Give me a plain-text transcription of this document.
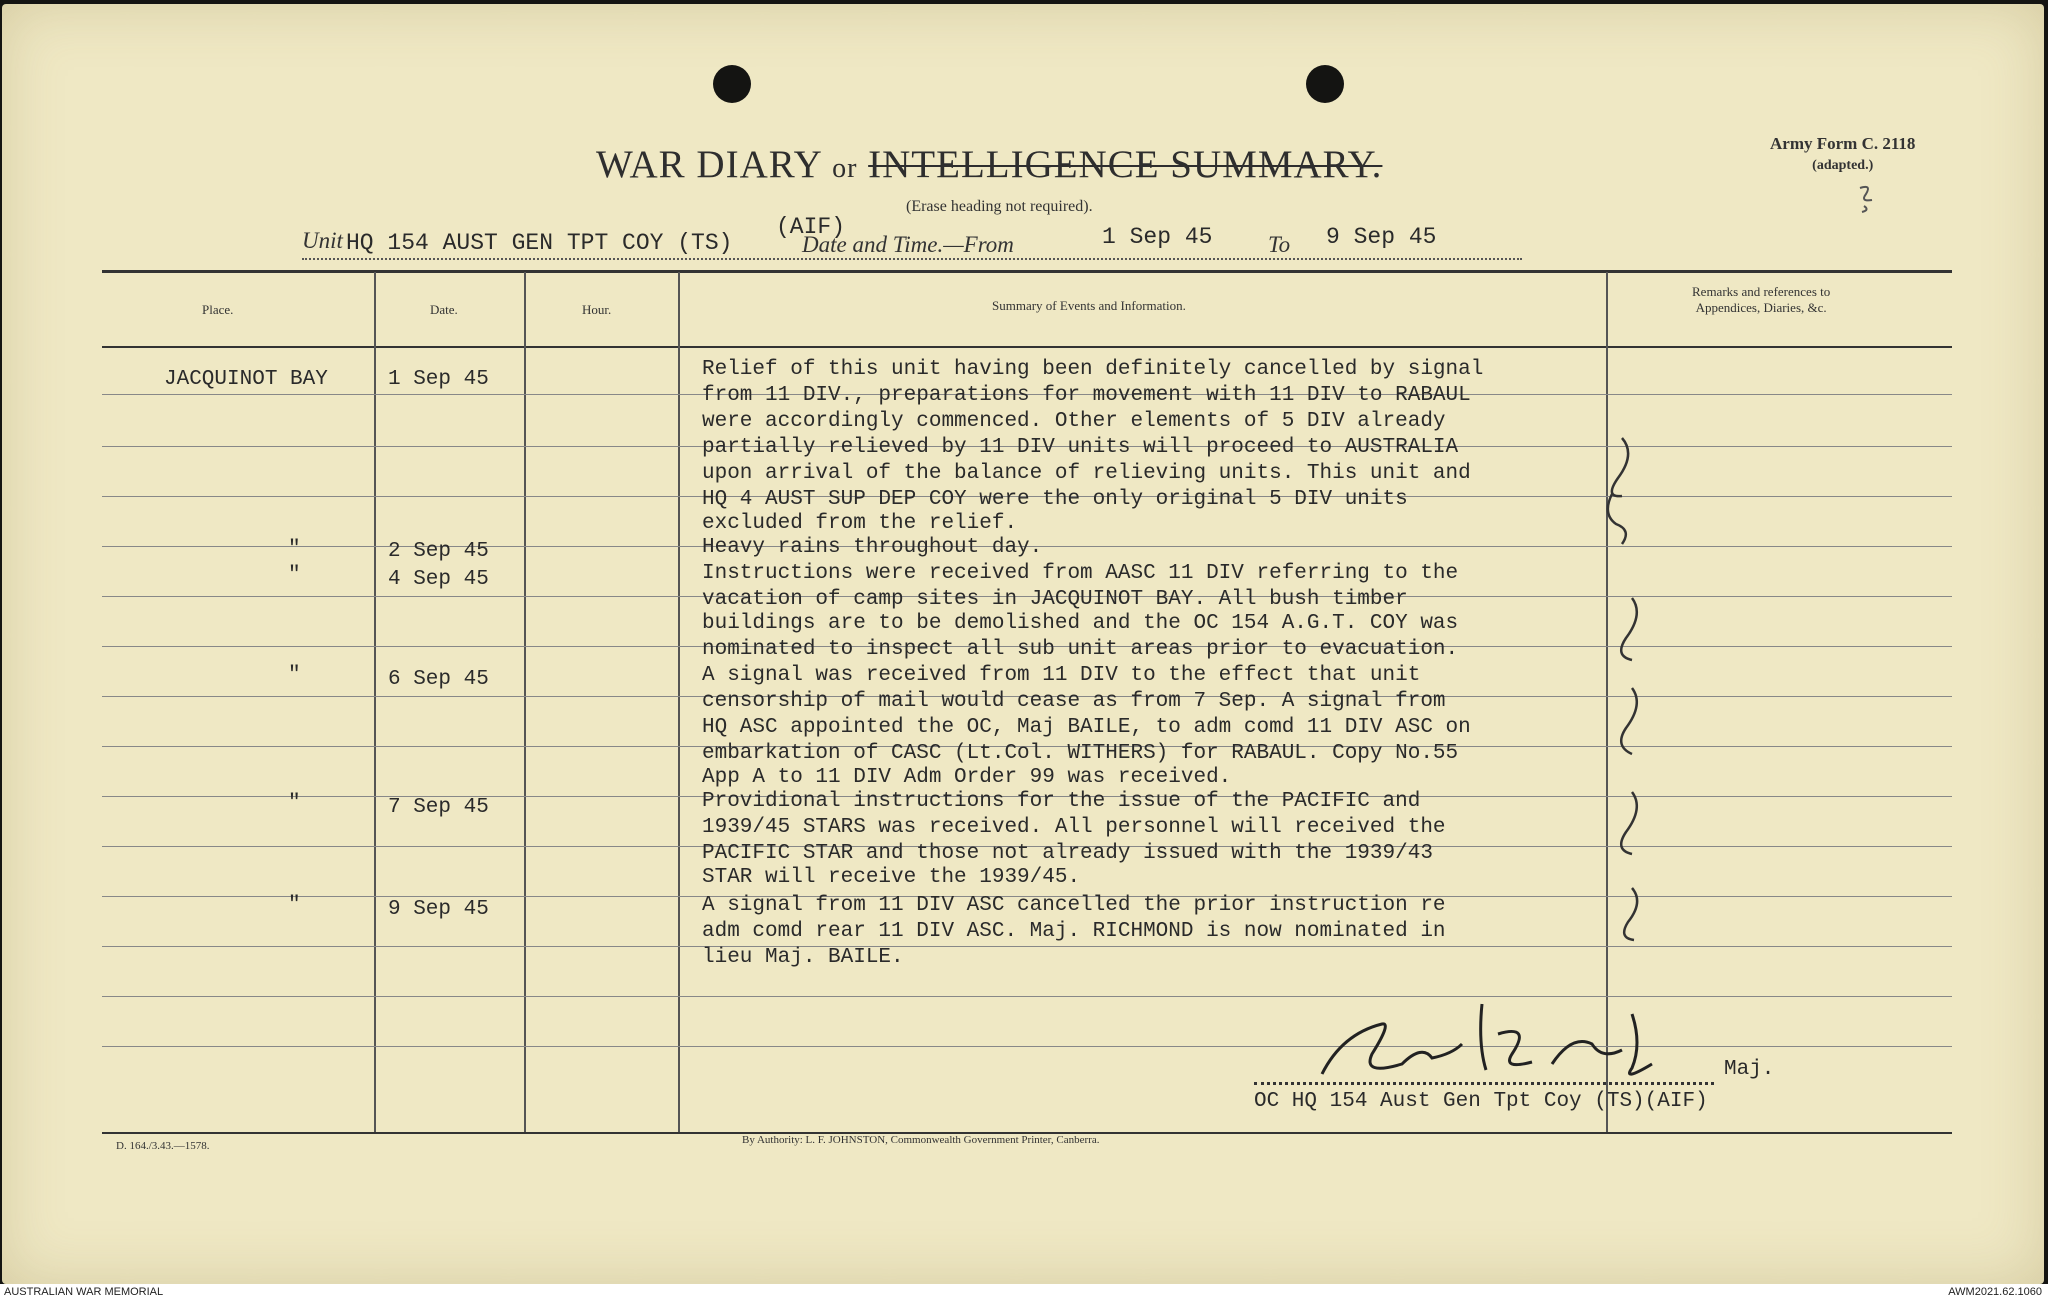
WAR DIARY or INTELLIGENCE SUMMARY.
(Erase heading not required).
Army Form C. 2118
(adapted.)
Unit HQ 154 AUST GEN TPT COY (TS)
(AIF)
Date and Time.—From	1 Sep 45 To 9 Sep 45
Place.	Date.	Hour.	Summary of Events and Information.
Remarks and references to
Appendices, Diaries, &c.
JACQUINOT BAY	1 Sep 45	Relief of this unit having been definitely cancelled by signal
from 11 DIV., preparations for movement with 11 DIV to RABAUL
were accordingly commenced. Other elements of 5 DIV already
partially relieved by 11 DIV units will proceed to AUSTRALIA
upon arrival of the balance of relieving units. This unit and
HQ 4 AUST SUP DEP COY were the only original 5 DIV units
excluded from the relief.
"	2 Sep 45	Heavy rains throughout day.
"	4 Sep 45	Instructions were received from AASC 11 DIV referring to the
vacation of camp sites in JACQUINOT BAY. All bush timber
buildings are to be demolished and the OC 154 A.G.T. COY was
nominated to inspect all sub unit areas prior to evacuation.
"	6 Sep 45	A signal was received from 11 DIV to the effect that unit
censorship of mail would cease as from 7 Sep. A signal from
HQ ASC appointed the OC, Maj BAILE, to adm comd 11 DIV ASC on
embarkation of CASC (Lt.Col. WITHERS) for RABAUL. Copy No.55
App A to 11 DIV Adm Order 99 was received.
"	7 Sep 45	Providional instructions for the issue of the PACIFIC and
1939/45 STARS was received. All personnel will received the
PACIFIC STAR and those not already issued with the 1939/43
STAR will receive the 1939/45.
"	9 Sep 45	A signal from 11 DIV ASC cancelled the prior instruction re
adm comd rear 11 DIV ASC. Maj. RICHMOND is now nominated in
lieu Maj. BAILE.
Maj.
OC HQ 154 Aust Gen Tpt Coy (TS)(AIF)
D. 164./3.43.—1578.	By Authority: L. F. JOHNSTON, Commonwealth Government Printer, Canberra.
AUSTRALIAN WAR MEMORIAL	AWM2021.62.1060
